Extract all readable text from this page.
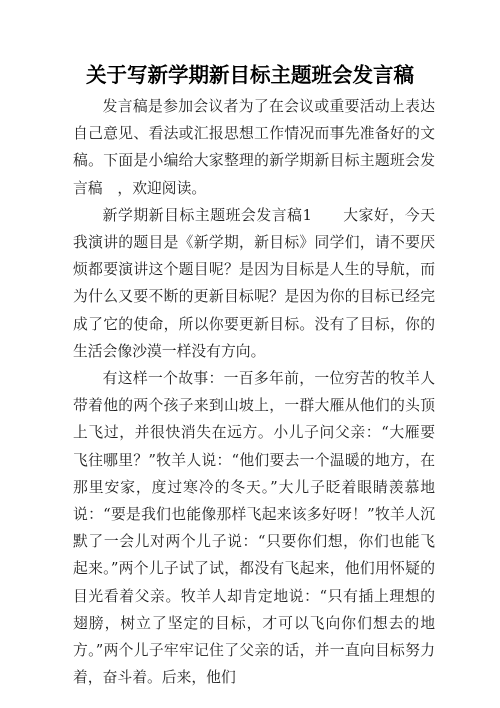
关于写新学期新目标主题班会发言稿

发言稿是参加会议者为了在会议或重要活动上表达自己意见、看法或汇报思想工作情况而事先准备好的文稿。下面是小编给大家整理的新学期新目标主题班会发言稿　，欢迎阅读。

新学期新目标主题班会发言稿1　　大家好，今天我演讲的题目是《新学期，新目标》同学们，请不要厌烦都要演讲这个题目呢？是因为目标是人生的导航，而为什么又要不断的更新目标呢？是因为你的目标已经完成了它的使命，所以你要更新目标。没有了目标，你的生活会像沙漠一样没有方向。

有这样一个故事：一百多年前，一位穷苦的牧羊人带着他的两个孩子来到山坡上，一群大雁从他们的头顶上飞过，并很快消失在远方。小儿子问父亲：“大雁要飞往哪里？”牧羊人说：“他们要去一个温暖的地方，在那里安家，度过寒冷的冬天。”大儿子眨着眼睛羡慕地说：“要是我们也能像那样飞起来该多好呀！”牧羊人沉默了一会儿对两个儿子说：“只要你们想，你们也能飞起来。”两个儿子试了试，都没有飞起来，他们用怀疑的目光看着父亲。牧羊人却肯定地说：“只有插上理想的翅膀，树立了坚定的目标，才可以飞向你们想去的地方。”两个儿子牢牢记住了父亲的话，并一直向目标努力着，奋斗着。后来，他们
